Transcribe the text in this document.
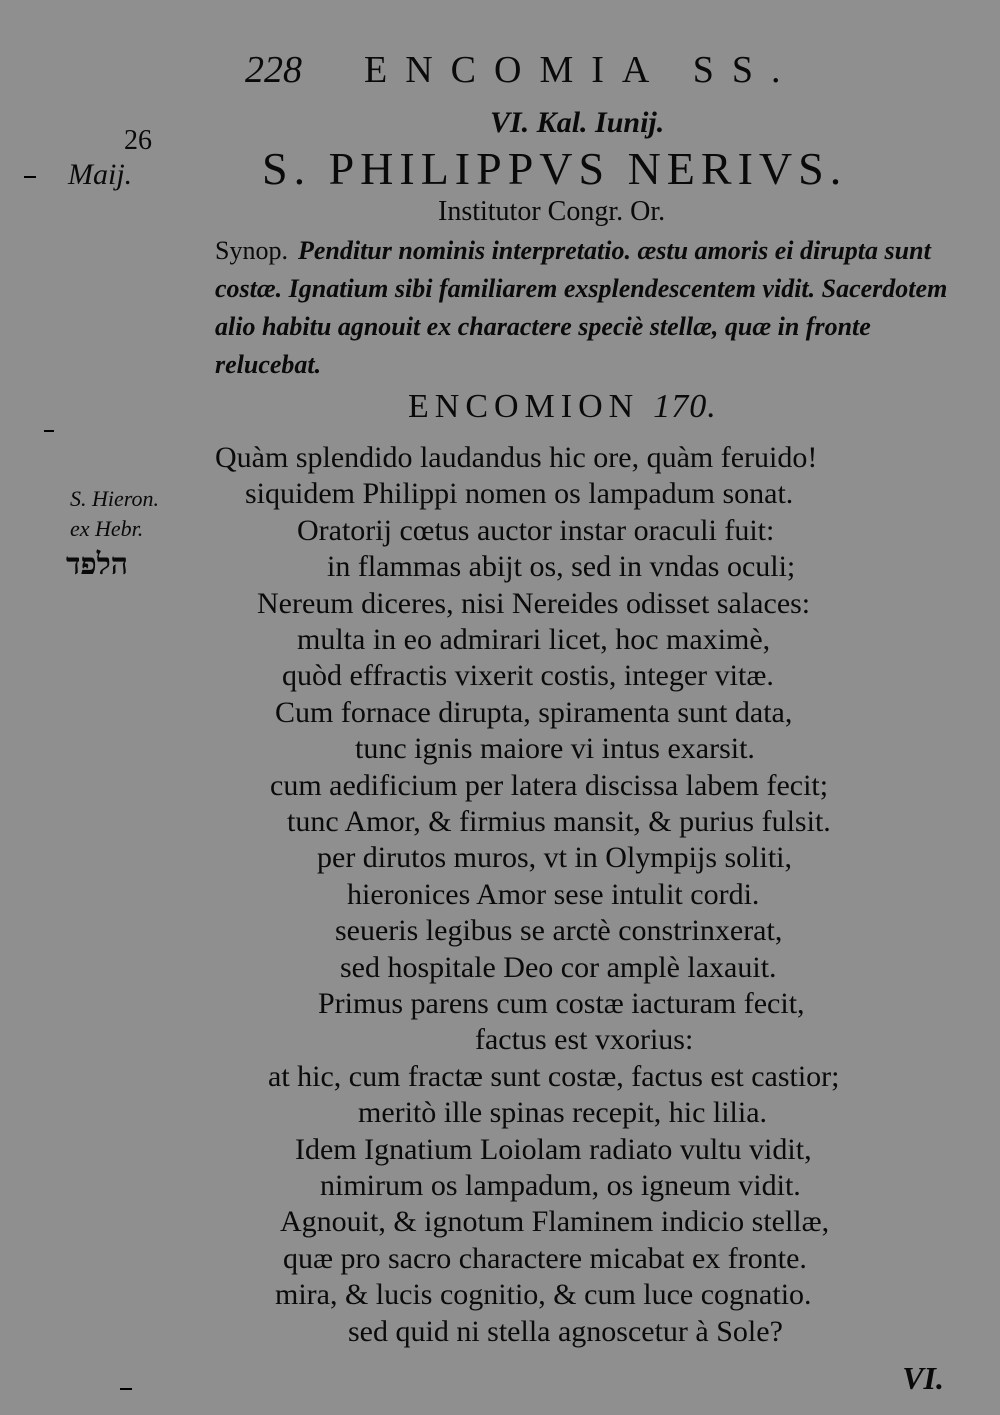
228 ENCOMIA SS.
26
Maij.
VI. Kal. Iunij.
S. PHILIPPVS NERIVS.
Institutor Congr. Or.
Synop. Penditur nominis interpretatio. æstu amoris ei dirupta sunt costæ. Ignatium sibi familiarem exsplendescentem vidit. Sacerdotem alio habitu agnouit ex charactere speciè stellæ, quæ in fronte relucebat.
ENCOMION 170.
S. Hieron.
ex Hebr.
הלפד
Quàm splendido laudandus hic ore, quàm feruido!
siquidem Philippi nomen os lampadum sonat.
Oratorij cœtus auctor instar oraculi fuit:
in flammas abijt os, sed in vndas oculi;
Nereum diceres, nisi Nereides odisset salaces:
multa in eo admirari licet, hoc maximè,
quòd effractis vixerit costis, integer vitæ.
Cum fornace dirupta, spiramenta sunt data,
tunc ignis maiore vi intus exarsit.
cum aedificium per latera discissa labem fecit;
tunc Amor, & firmius mansit, & purius fulsit.
per dirutos muros, vt in Olympijs soliti,
hieronices Amor sese intulit cordi.
seueris legibus se arctè constrinxerat,
sed hospitale Deo cor amplè laxauit.
Primus parens cum costæ iacturam fecit,
factus est vxorius:
at hic, cum fractæ sunt costæ, factus est castior;
meritò ille spinas recepit, hic lilia.
Idem Ignatium Loiolam radiato vultu vidit,
nimirum os lampadum, os igneum vidit.
Agnouit, & ignotum Flaminem indicio stellæ,
quæ pro sacro charactere micabat ex fronte.
mira, & lucis cognitio, & cum luce cognatio.
sed quid ni stella agnoscetur à Sole?
VI.
